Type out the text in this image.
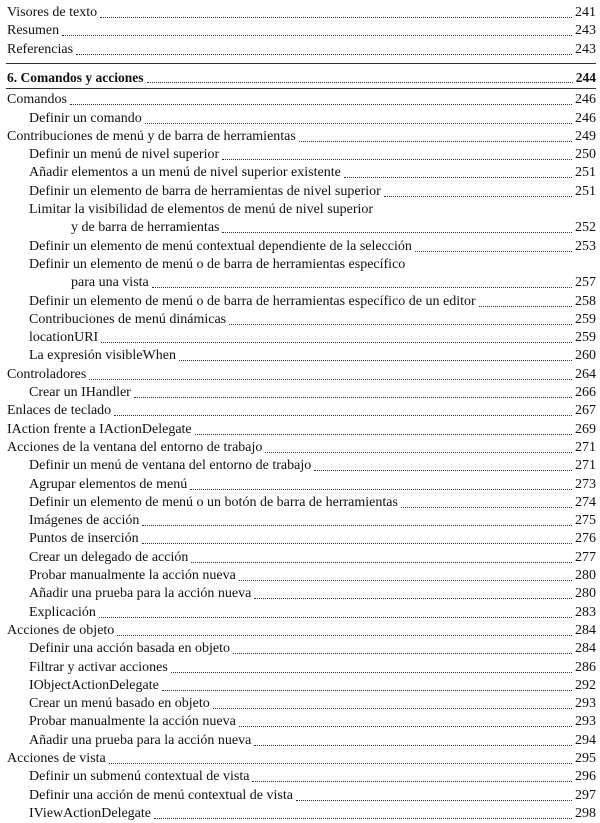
Visores de texto	241
Resumen	243
Referencias	243
6. Comandos y acciones	244
Comandos	246
Definir un comando	246
Contribuciones de menú y de barra de herramientas	249
Definir un menú de nivel superior	250
Añadir elementos a un menú de nivel superior existente	251
Definir un elemento de barra de herramientas de nivel superior	251
Limitar la visibilidad de elementos de menú de nivel superior
y de barra de herramientas	252
Definir un elemento de menú contextual dependiente de la selección	253
Definir un elemento de menú o de barra de herramientas específico
para una vista	257
Definir un elemento de menú o de barra de herramientas específico de un editor	258
Contribuciones de menú dinámicas	259
locationURI	259
La expresión visibleWhen	260
Controladores	264
Crear un IHandler	266
Enlaces de teclado	267
IAction frente a IActionDelegate	269
Acciones de la ventana del entorno de trabajo	271
Definir un menú de ventana del entorno de trabajo	271
Agrupar elementos de menú	273
Definir un elemento de menú o un botón de barra de herramientas	274
Imágenes de acción	275
Puntos de inserción	276
Crear un delegado de acción	277
Probar manualmente la acción nueva	280
Añadir una prueba para la acción nueva	280
Explicación	283
Acciones de objeto	284
Definir una acción basada en objeto	284
Filtrar y activar acciones	286
IObjectActionDelegate	292
Crear un menú basado en objeto	293
Probar manualmente la acción nueva	293
Añadir una prueba para la acción nueva	294
Acciones de vista	295
Definir un submenú contextual de vista	296
Definir una acción de menú contextual de vista	297
IViewActionDelegate	298
